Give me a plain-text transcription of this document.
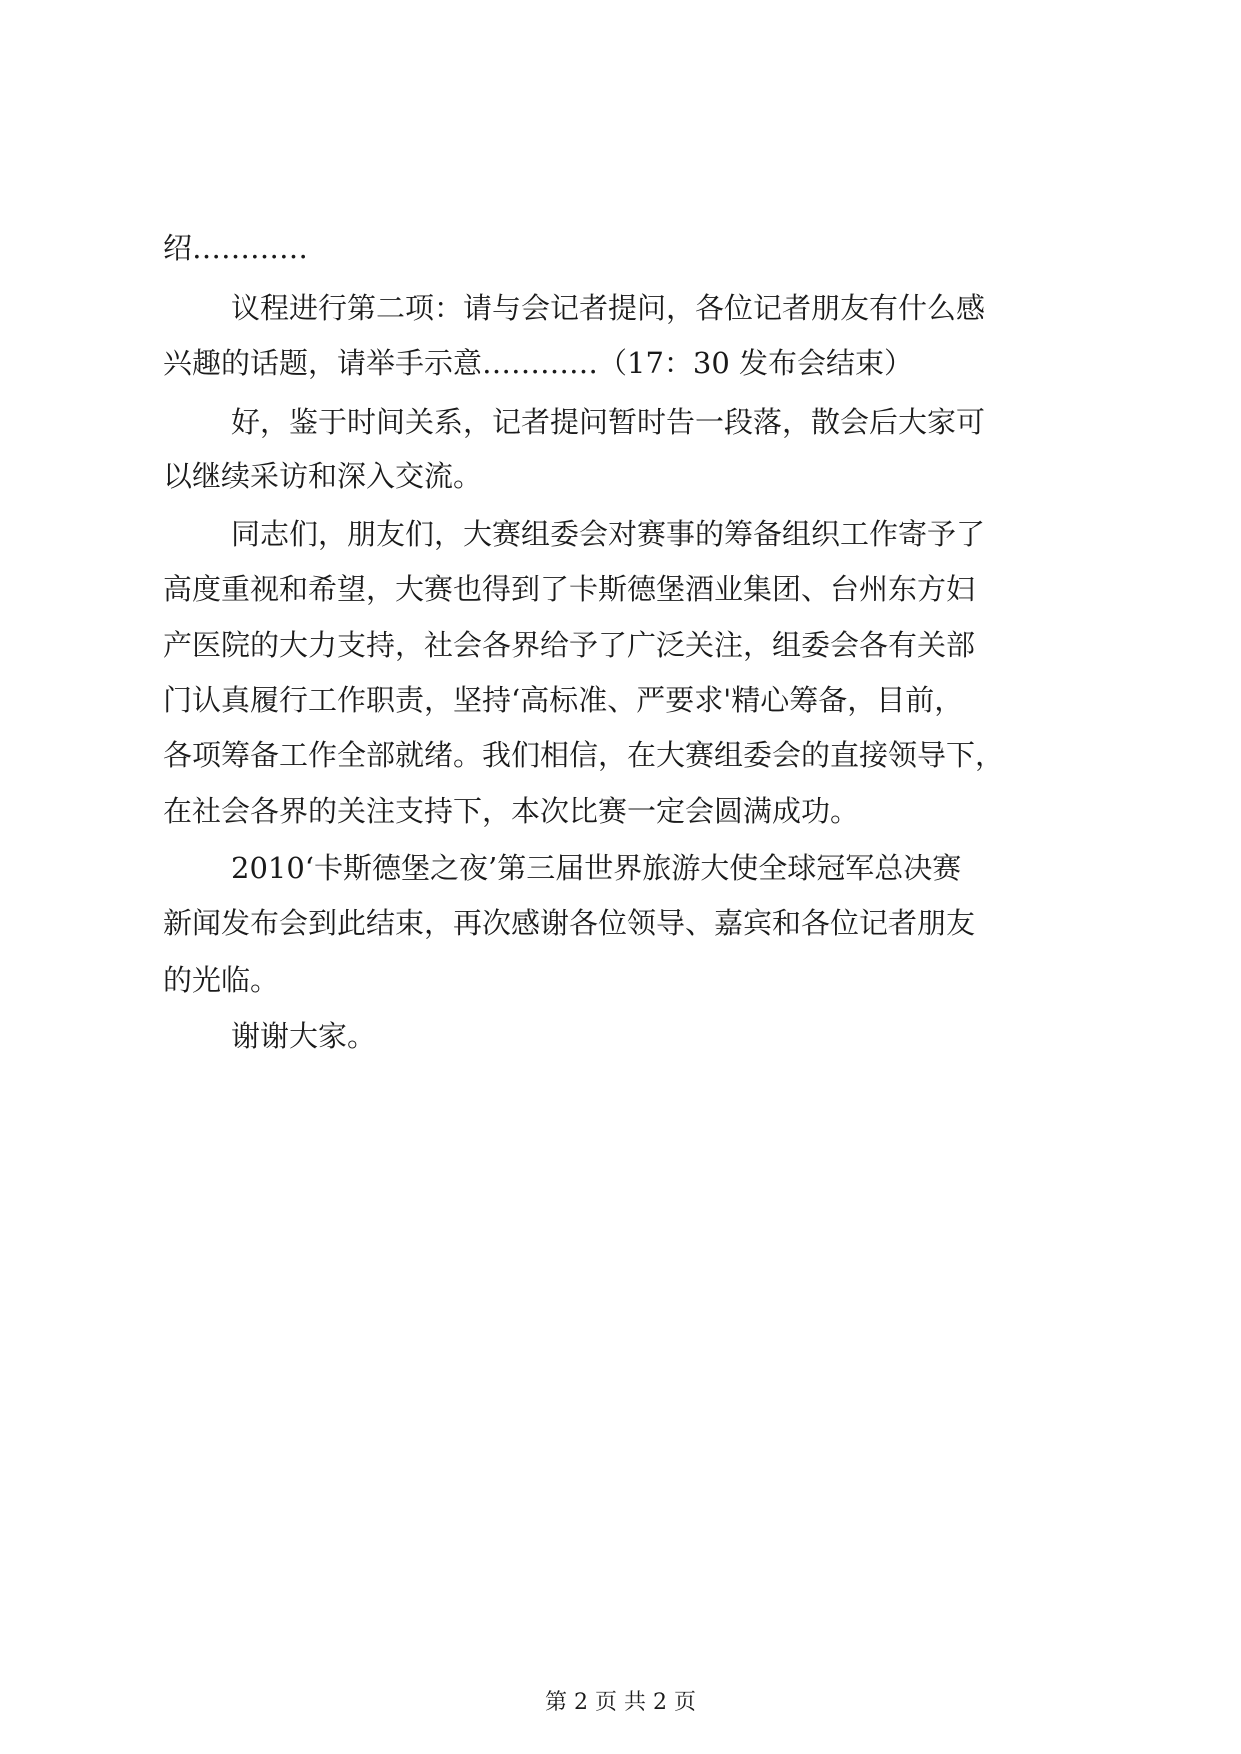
绍…………
议程进行第二项：请与会记者提问，各位记者朋友有什么感
兴趣的话题，请举手示意…………（17：30 发布会结束）
好，鉴于时间关系，记者提问暂时告一段落，散会后大家可
以继续采访和深入交流。
同志们，朋友们，大赛组委会对赛事的筹备组织工作寄予了
高度重视和希望，大赛也得到了卡斯德堡酒业集团、台州东方妇
产医院的大力支持，社会各界给予了广泛关注，组委会各有关部
门认真履行工作职责，坚持‘高标准、严要求'精心筹备，目前，
各项筹备工作全部就绪。我们相信，在大赛组委会的直接领导下，
在社会各界的关注支持下，本次比赛一定会圆满成功。
2010‘卡斯德堡之夜’第三届世界旅游大使全球冠军总决赛
新闻发布会到此结束，再次感谢各位领导、嘉宾和各位记者朋友
的光临。
谢谢大家。
第 2 页 共 2 页
